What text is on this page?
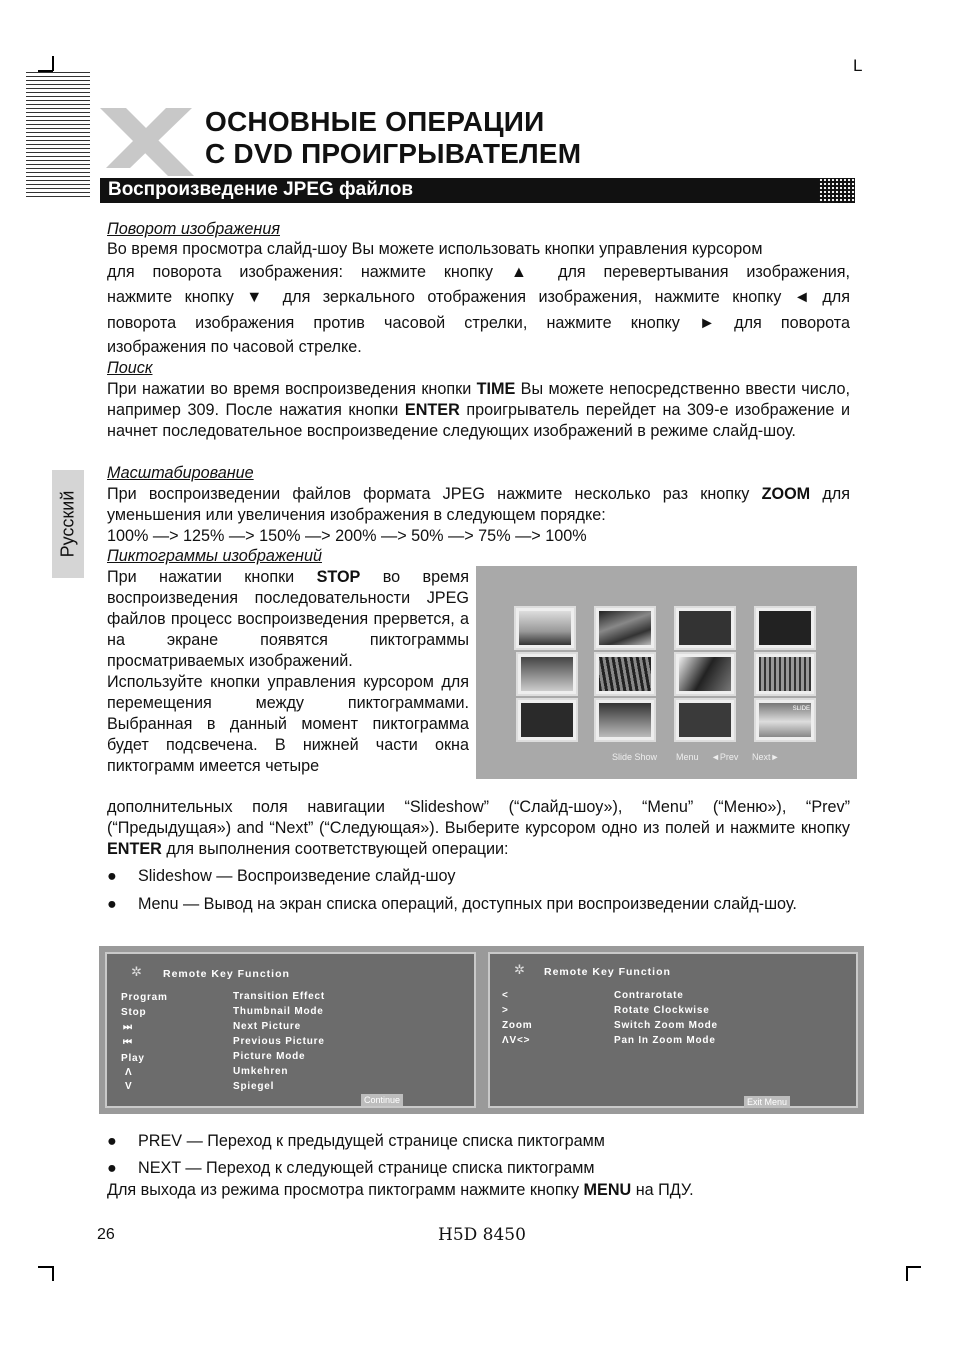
L
ОСНОВНЫЕ ОПЕРАЦИИ
С DVD ПРОИГРЫВАТЕЛЕМ
Воспроизведение JPEG файлов
Русский
Поворот изображения
Во время просмотра слайд-шоу Вы можете использовать кнопки управления курсором
для поворота изображения: нажмите кнопку ▲ для перевертывания изображения,
нажмите кнопку ▼ для зеркального отображения изображения, нажмите кнопку ◄ для
поворота изображения против часовой стрелки, нажмите кнопку ► для поворота
изображения по часовой стрелке.
Поиск
При нажатии во время воспроизведения кнопки TIME Вы можете непосредственно ввести число, например 309. После нажатия кнопки ENTER проигрыватель перейдет на 309-е изображение и начнет последовательное воспроизведение следующих изображений в режиме слайд-шоу.
Масштабирование
При воспроизведении файлов формата JPEG нажмите несколько раз кнопку ZOOM для уменьшения или увеличения изображения в следующем порядке:
100% —> 125% —> 150% —> 200% —> 50% —> 75% —> 100%
Пиктограммы изображений
При нажатии кнопки STOP во время воспроизведения последовательности JPEG файлов процесс воспроизведения прервется, а на экране появятся пиктограммы просматриваемых изображений.
Используйте кнопки управления курсором для перемещения между пиктограммами. Выбранная в данный момент пиктограмма будет подсвечена. В нижней части окна пиктограмм имеется четыре
дополнительных поля навигации “Slideshow” (“Слайд-шоу»), “Menu” (“Меню»), “Prev” (“Предыдущая») and “Next” (“Следующая»). Выберите курсором одно из полей и нажмите кнопку ENTER для выполнения соответствующей операции:
SLIDE
Slide Show Menu ◄Prev Next►
● Slideshow — Воспроизведение слайд-шоу
● Menu — Вывод на экран списка операций, доступных при воспроизведении слайд-шоу.
✲ Remote Key Function
Program
Stop
⏭
⏮
Play
Λ
V
Transition Effect
Thumbnail Mode
Next Picture
Previous Picture
Picture Mode
Umkehren
Spiegel
Continue
✲ Remote Key Function
<
>
Zoom
ΛV<>
Contrarotate
Rotate Clockwise
Switch Zoom Mode
Pan In Zoom Mode
Exit Menu
● PREV — Переход к предыдущей странице списка пиктограмм
● NEXT — Переход к следующей странице списка пиктограмм
Для выхода из режима просмотра пиктограмм нажмите кнопку MENU на ПДУ.
26	H5D 8450
